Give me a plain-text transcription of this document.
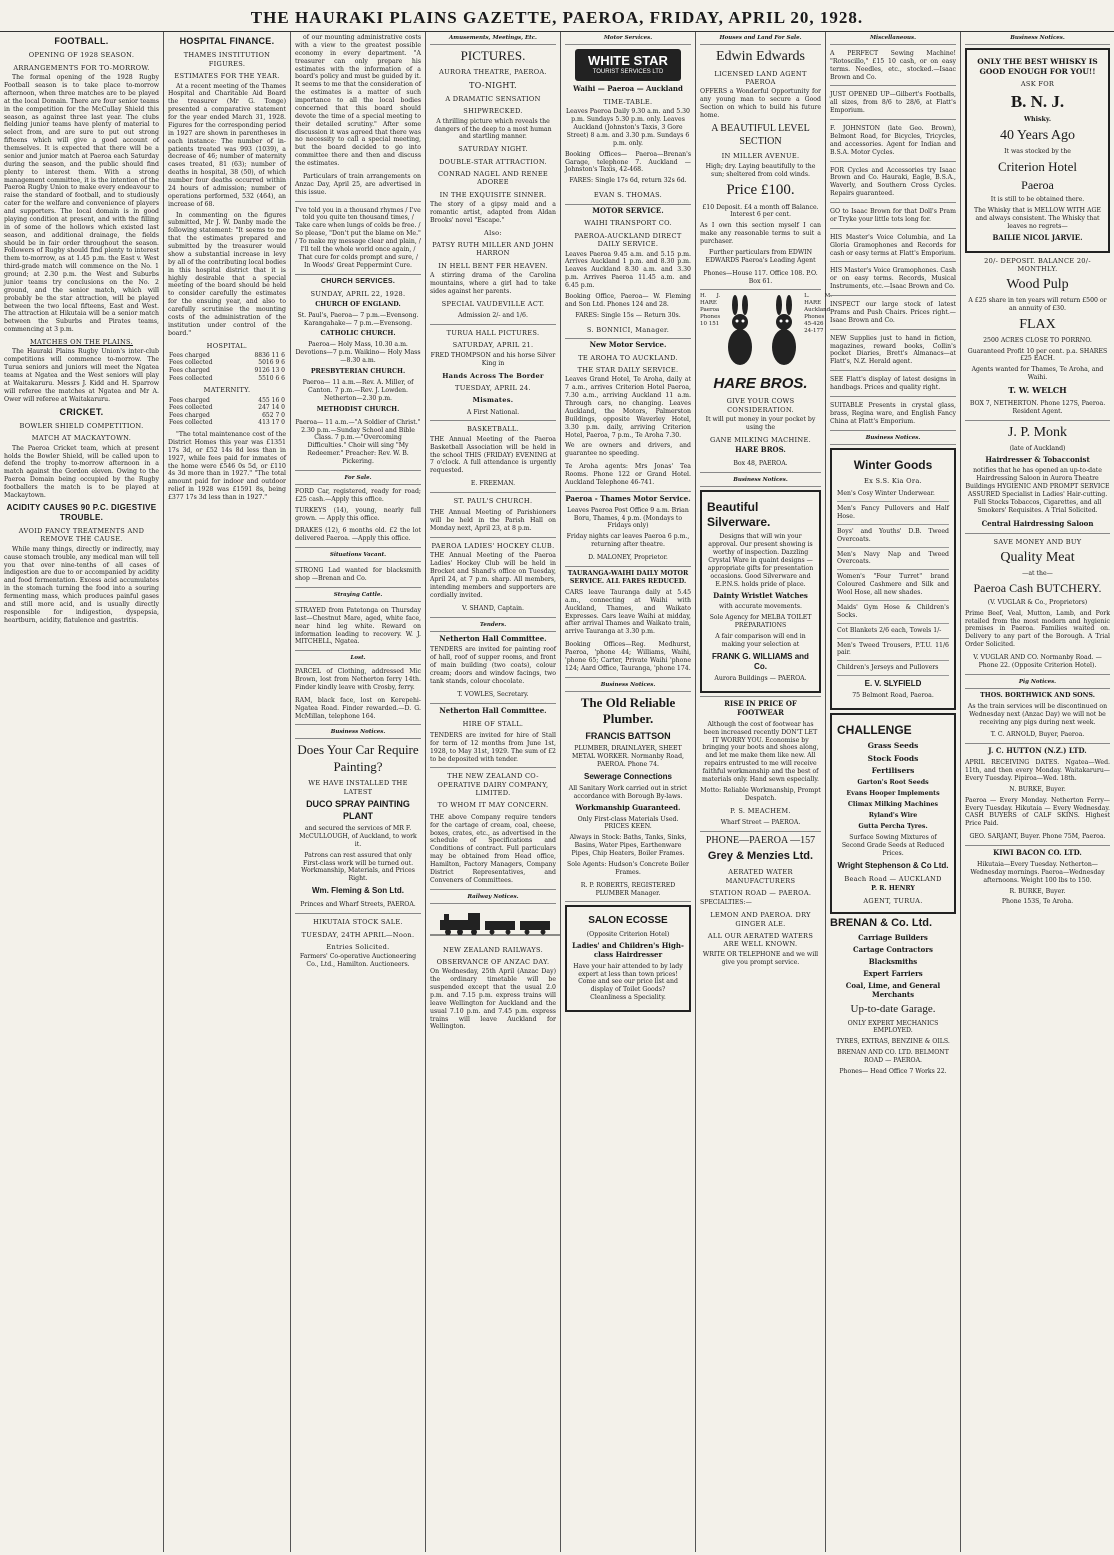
THE HAURAKI PLAINS GAZETTE, PAEROA, FRIDAY, APRIL 20, 1928.
FOOTBALL.
OPENING OF 1928 SEASON.
ARRANGEMENTS FOR TO-MORROW.
The formal opening of the 1928 Rugby Football season is to take place to-morrow afternoon, when three matches are to be played at the local Domain. There are four senior teams in the competition for the McCullay Shield this season, as against three last year. The clubs fielding junior teams have plenty of material to select from, and are sure to put out strong fifteens which will give a good account of themselves. It is expected that there will be a senior and junior match at Paeroa each Saturday during the season, and the public should find plenty to interest them. With a strong management committee, it is the intention of the Paeroa Rugby Union to make every endeavour to raise the standard of football, and to studiously cater for the welfare and convenience of players and supporters. The local domain is in good playing condition at present, and with the filling in of some of the hollows which existed last season, and additional drainage, the fields should be in fair order throughout the season. Followers of Rugby should find plenty to interest them to-morrow, as at 1.45 p.m. the East v. West third-grade match will commence on the No. 1 ground; at 2.30 p.m. the West and Suburbs junior teams try conclusions on the No. 2 ground, and the senior match, which will probably be the star attraction, will be played between the two local fifteens, East and West. The attraction at Hikutaia will be a senior match between the Suburbs and Pirates teams, commencing at 3 p.m.
MATCHES ON THE PLAINS.
The Hauraki Plains Rugby Union's inter-club competitions will commence to-morrow. The Turua seniors and juniors will meet the Ngatea teams at Ngatea and the West seniors will play at Waitakaruru. Messrs J. Kidd and H. Sparrow will referee the matches at Ngatea and Mr A. Ower will referee at Waitakaruru.
CRICKET.
BOWLER SHIELD COMPETITION.
MATCH AT MACKAYTOWN.
The Paeroa Cricket team, which at present holds the Bowler Shield, will be called upon to defend the trophy to-morrow afternoon in a match against the Gordon eleven. Owing to the Paeroa Domain being occupied by the Rugby footballers the match is to be played at Mackaytown.
ACIDITY CAUSES 90 P.C. DIGESTIVE TROUBLE.
AVOID FANCY TREATMENTS AND REMOVE THE CAUSE.
While many things, directly or indirectly, may cause stomach trouble, any medical man will tell you that over nine-tenths of all cases of indigestion are due to or accompanied by acidity and food fermentation. Excess acid accumulates in the stomach turning the food into a souring fermenting mass, which produces painful gases and still more acid, and is usually directly responsible for indigestion, dyspepsia, heartburn, acidity, flatulence and gastritis.
HOSPITAL FINANCE.
THAMES INSTITUTION FIGURES.
ESTIMATES FOR THE YEAR.
At a recent meeting of the Thames Hospital and Charitable Aid Board the treasurer (Mr G. Tonge) presented a comparative statement for the year ended March 31, 1928. Figures for the corresponding period in 1927 are shown in parentheses in each instance: The number of in-patients treated was 993 (1039), a decrease of 46; number of maternity cases treated, 81 (63); number of deaths in hospital, 38 (50), of which number four deaths occurred within 24 hours of admission; number of operations performed, 532 (464), an increase of 68.
In commenting on the figures submitted, Mr J. W. Danby made the following statement: "It seems to me that the estimates prepared and submitted by the treasurer would show a substantial increase in levy by all of the contributing local bodies in this hospital district that it is highly desirable that a special meeting of the board should be held to consider carefully the estimates for the ensuing year, and also to carefully scrutinise the mounting costs of the administration of the institution under control of the board."
HOSPITAL.
Fees charged	8836 11 6
Fees collected	5016 9 6
Fees charged	9126 13 0
Fees collected	5510 6 6
MATERNITY.
Fees charged	455 16 0
Fees collected	247 14 0
Fees charged	652 7 0
Fees collected	413 17 0
"The total maintenance cost of the District Homes this year was £1351 17s 3d, or £52 14s 8d less than in 1927, while fees paid for inmates of the home were £546 0s 5d, or £110 4s 3d more than in 1927." "The total amount paid for indoor and outdoor relief in 1928 was £1591 8s, being £377 17s 3d less than in 1927."
of our mounting administrative costs with a view to the greatest possible economy in every department. "A treasurer can only prepare his estimates with the information of a board's policy and must be guided by it. It seems to me that the consideration of the estimates is a matter of such importance to all the local bodies concerned that this board should devote the time of a special meeting to their detailed scrutiny." After some discussion it was agreed that there was no necessity to call a special meeting, but the board decided to go into committee there and then and discuss the estimates.
Particulars of train arrangements on Anzac Day, April 25, are advertised in this issue.
I've told you in a thousand rhymes / I've told you quite ten thousand times, / Take care when lungs of colds be free. / So please, "Don't put the blame on Me." / To make my message clear and plain, / I'll tell the whole world once again, / That cure for colds prompt and sure, / In Woods' Great Peppermint Cure.
CHURCH SERVICES.
SUNDAY, APRIL 22, 1928.
CHURCH OF ENGLAND.
St. Paul's, Paeroa— 7 p.m.—Evensong. Karangahake— 7 p.m.—Evensong.
CATHOLIC CHURCH.
Paeroa— Holy Mass, 10.30 a.m. Devotions—7 p.m. Waikino— Holy Mass—8.30 a.m.
PRESBYTERIAN CHURCH.
Paeroa— 11 a.m.—Rev. A. Miller, of Canton. 7 p.m.—Rev. J. Lowden. Netherton—2.30 p.m.
METHODIST CHURCH.
Paeroa— 11 a.m.—"A Soldier of Christ." 2.30 p.m.—Sunday School and Bible Class. 7 p.m.—"Overcoming Difficulties." Choir will sing "My Redeemer." Preacher: Rev. W. B. Pickering.
For Sale.
FORD Car, registered, ready for road; £25 cash.—Apply this office.
TURKEYS (14), young, nearly full grown. — Apply this office.
DRAKES (12), 6 months old. £2 the lot delivered Paeroa. —Apply this office.
Situations Vacant.
STRONG Lad wanted for blacksmith shop —Brenan and Co.
Straying Cattle.
STRAYED from Patetonga on Thursday last—Chestnut Mare, aged, white face, near hind leg white. Reward on information leading to recovery. W. J. MITCHELL, Ngatea.
Lost.
PARCEL of Clothing, addressed Mic Brown, lost from Netherton ferry 14th. Finder kindly leave with Crosby, ferry.
RAM, black face, lost on Kerepehi-Ngatea Road. Finder rewarded.—D. G. McMillan, telephone 164.
Business Notices.
Does Your Car Require Painting?
WE HAVE INSTALLED THE LATEST
DUCO SPRAY PAINTING PLANT
and secured the services of MR F. McCULLOUGH, of Auckland, to work it.
Patrons can rest assured that only First-class work will be turned out. Workmanship, Materials, and Prices Right.
Wm. Fleming & Son Ltd.
Princes and Wharf Streets, PAEROA.
HIKUTAIA STOCK SALE.
TUESDAY, 24TH APRIL—Noon.
Entries Solicited.
Farmers' Co-operative Auctioneering Co., Ltd., Hamilton. Auctioneers.
Amusements, Meetings, Etc.
PICTURES.
AURORA THEATRE, PAEROA.
TO-NIGHT.
A DRAMATIC SENSATION
SHIPWRECKED.
A thrilling picture which reveals the dangers of the deep to a most human and startling manner.
SATURDAY NIGHT.
DOUBLE-STAR ATTRACTION.
CONRAD NAGEL AND RENEE ADOREE
IN THE EXQUISITE SINNER.
The story of a gipsy maid and a romantic artist, adapted from Aldan Brooks' novel "Escape."
Also:
PATSY RUTH MILLER AND JOHN HARRON
IN HELL BENT FER HEAVEN.
A stirring drama of the Carolina mountains, where a girl had to take sides against her parents.
SPECIAL VAUDEVILLE ACT.
Admission 2/- and 1/6.
TURUA HALL PICTURES.
SATURDAY, APRIL 21.
FRED THOMPSON and his horse Silver King in
Hands Across The Border
TUESDAY, APRIL 24.
Mismates.
A First National.
BASKETBALL.
THE Annual Meeting of the Paeroa Basketball Association will be held in the school THIS (FRIDAY) EVENING at 7 o'clock. A full attendance is urgently requested.
E. FREEMAN.
ST. PAUL'S CHURCH.
THE Annual Meeting of Parishioners will be held in the Parish Hall on Monday next, April 23, at 8 p.m.
PAEROA LADIES' HOCKEY CLUB.
THE Annual Meeting of the Paeroa Ladies' Hockey Club will be held in Brocket and Shand's office on Tuesday, April 24, at 7 p.m. sharp. All members, intending members and supporters are cordially invited.
V. SHAND, Captain.
Tenders.
Netherton Hall Committee.
TENDERS are invited for painting roof of hall, roof of supper rooms, and front of main building (two coats), colour cream; doors and window facings, two tank stands, colour chocolate.
T. VOWLES, Secretary.
Netherton Hall Committee.
HIRE OF STALL.
TENDERS are invited for hire of Stall for term of 12 months from June 1st, 1928, to May 31st, 1929. The sum of £2 to be deposited with tender.
THE NEW ZEALAND CO-OPERATIVE DAIRY COMPANY, LIMITED.
TO WHOM IT MAY CONCERN.
THE above Company require tenders for the cartage of cream, coal, cheese, boxes, crates, etc., as advertised in the schedule of Specifications and Conditions of contract. Full particulars may be obtained from Head office, Hamilton, Factory Managers, Company District Representatives, and Conveners of Committees.
Railway Notices.
NEW ZEALAND RAILWAYS.
OBSERVANCE OF ANZAC DAY.
On Wednesday, 25th April (Anzac Day) the ordinary timetable will be suspended except that the usual 2.0 p.m. and 7.15 p.m. express trains will leave Wellington for Auckland and the usual 7.10 p.m. and 7.45 p.m. express trains will leave Auckland for Wellington.
Motor Services.
WHITE STAR
TOURIST SERVICES LTD
Waihi — Paeroa — Auckland
TIME-TABLE.
Leaves Paeroa Daily 9.30 a.m. and 5.30 p.m. Sundays 5.30 p.m. only. Leaves Auckland (Johnston's Taxis, 3 Gore Street) 8 a.m. and 3.30 p.m. Sundays 6 p.m. only.
Booking Offices— Paeroa—Brenan's Garage, telephone 7. Auckland — Johnston's Taxis, 42-468.
FARES: Single 17s 6d, return 32s 6d.
EVAN S. THOMAS.
MOTOR SERVICE.
WAIHI TRANSPORT CO.
PAEROA-AUCKLAND DIRECT DAILY SERVICE.
Leaves Paeroa 9.45 a.m. and 5.15 p.m. Arrives Auckland 1 p.m. and 8.30 p.m. Leaves Auckland 8.30 a.m. and 3.30 p.m. Arrives Paeroa 11.45 a.m. and 6.45 p.m.
Booking Office, Paeroa— W. Fleming and Son Ltd. Phones 124 and 28.
FARES: Single 15s — Return 30s.
S. BONNICI, Manager.
New Motor Service.
TE AROHA TO AUCKLAND.
THE STAR DAILY SERVICE.
Leaves Grand Hotel, Te Aroha, daily at 7 a.m., arrives Criterion Hotel Paeroa, 7.30 a.m., arriving Auckland 11 a.m. Through cars, no changing. Leaves Auckland, the Motors, Palmerston Buildings, opposite Waverley Hotel, 3.30 p.m. daily, arriving Criterion Hotel, Paeroa, 7 p.m., Te Aroha 7.30.
We are owners and drivers, and guarantee no speeding.
Te Aroha agents: Mrs Jonas' Tea Rooms. Phone 122 or Grand Hotel. Auckland Telephone 46-741.
Paeroa - Thames Motor Service.
Leaves Paeroa Post Office 9 a.m. Brian Boru, Thames, 4 p.m. (Mondays to Fridays only)
Friday nights car leaves Paeroa 6 p.m., returning after theatre.
D. MALONEY, Proprietor.
TAURANGA-WAIHI DAILY MOTOR SERVICE. ALL FARES REDUCED.
CARS leave Tauranga daily at 5.45 a.m., connecting at Waihi with Auckland, Thames, and Waikato Expresses. Cars leave Waihi at midday, after arrival Thames and Waikato train, arrive Tauranga at 3.30 p.m.
Booking Offices—Reg. Medhurst, Paeroa, 'phone 44; Williams, Waihi, 'phone 65; Carter, Private Waihi 'phone 124; Aard Office, Tauranga, 'phone 174.
Business Notices.
The Old Reliable Plumber.
FRANCIS BATTSON
PLUMBER, DRAINLAYER, SHEET METAL WORKER. Normanby Road, PAEROA. Phone 74.
Sewerage Connections
All Sanitary Work carried out in strict accordance with Borough By-laws.
Workmanship Guaranteed.
Only First-class Materials Used. PRICES KEEN.
Always in Stock: Baths, Tanks, Sinks, Basins, Water Pipes, Earthenware Pipes, Chip Heaters, Boiler Frames.
Sole Agents: Hudson's Concrete Boiler Frames.
R. P. ROBERTS, REGISTERED PLUMBER Manager.
SALON ECOSSE
(Opposite Criterion Hotel)
Ladies' and Children's High-class Hairdresser
Have your hair attended to by lady expert at less than town prices! Come and see our price list and display of Toilet Goods? Cleanliness a Speciality.
Houses and Land For Sale.
Edwin Edwards
LICENSED LAND AGENT PAEROA
OFFERS a Wonderful Opportunity for any young man to secure a Good Section on which to build his future home.
A BEAUTIFUL LEVEL SECTION
IN MILLER AVENUE.
High; dry. Laying beautifully to the sun; sheltered from cold winds.
Price £100.
£10 Deposit. £4 a month off Balance. Interest 6 per cent.
As I own this section myself I can make any reasonable terms to suit a purchaser.
Further particulars from EDWIN EDWARDS Paeroa's Leading Agent
Phones—House 117. Office 108. P.O. Box 61.
H. J. HARE Paeroa Phones 10 151
L. M. HARE Auckland. Phones 45-426 24-177
HARE BROS.
GIVE YOUR COWS CONSIDERATION.
It will put money in your pocket by using the
GANE MILKING MACHINE.
HARE BROS.
Box 48, PAEROA.
Business Notices.
Beautiful Silverware.
Designs that will win your approval. Our present showing is worthy of inspection. Dazzling Crystal Ware in quaint designs — appropriate gifts for presentation occasions. Good Silverware and E.P.N.S. holds pride of place.
Dainty Wristlet Watches
with accurate movements.
Sole Agency for MELBA TOILET PREPARATIONS
A fair comparison will end in making your selection at
FRANK G. WILLIAMS and Co.
Aurora Buildings — PAEROA.
RISE IN PRICE OF FOOTWEAR
Although the cost of footwear has been increased recently DON'T LET IT WORRY YOU. Economise by bringing your boots and shoes along, and let me make them like new. All repairs entrusted to me will receive faithful workmanship and the best of materials only. Hand sewn especially.
Motto: Reliable Workmanship, Prompt Despatch.
P. S. MEACHEM.
Wharf Street — PAEROA.
PHONE—PAEROA —157
Grey & Menzies Ltd.
AERATED WATER MANUFACTURERS
STATION ROAD — PAEROA.
SPECIALTIES:—
LEMON AND PAEROA. DRY GINGER ALE.
ALL OUR AERATED WATERS ARE WELL KNOWN.
WRITE OR TELEPHONE and we will give you prompt service.
Miscellaneous.
A PERFECT Sewing Machine! "Rotoscillo," £15 10 cash, or on easy terms. Needles, etc., stocked.—Isaac Brown and Co.
JUST OPENED UP—Gilbert's Footballs, all sizes, from 8/6 to 28/6, at Flatt's Emporium.
F. JOHNSTON (late Geo. Brown), Belmont Road, for Bicycles, Tricycles, and accessories. Agent for Indian and B.S.A. Motor Cycles.
FOR Cycles and Accessories try Isaac Brown and Co. Hauraki, Eagle, B.S.A., Waverly, and Southern Cross Cycles. Repairs guaranteed.
GO to Isaac Brown for that Doll's Pram or Tryke your little tots long for.
HIS Master's Voice Columbia, and La Gloria Gramophones and Records for cash or easy terms at Flatt's Emporium.
HIS Master's Voice Gramophones. Cash or on easy terms. Records, Musical Instruments, etc.—Isaac Brown and Co.
INSPECT our large stock of latest Prams and Push Chairs. Prices right.—Isaac Brown and Co.
NEW Supplies just to hand in fiction, magazines, reward books, Collin's pocket Diaries, Brett's Almanacs—at Flatt's, N.Z. Herald agent.
SEE Flatt's display of latest designs in handbags. Prices and quality right.
SUITABLE Presents in crystal glass, brass, Regina ware, and English Fancy China at Flatt's Emporium.
Business Notices.
Winter Goods
Ex S.S. Kia Ora.
Men's Cosy Winter Underwear.
Men's Fancy Pullovers and Half Hose.
Boys' and Youths' D.B. Tweed Overcoats.
Men's Navy Nap and Tweed Overcoats.
Women's "Four Turret" brand Coloured Cashmere and Silk and Wool Hose, all new shades.
Maids' Gym Hose & Children's Socks.
Cot Blankets 2/6 each, Towels 1/-
Men's Tweed Trousers, P.T.U. 11/6 pair.
Children's Jerseys and Pullovers
E. V. SLYFIELD
75 Belmont Road, Paeroa.
CHALLENGE
Grass Seeds
Stock Foods
Fertilisers
Garton's Root Seeds
Evans Hooper Implements
Climax Milking Machines
Ryland's Wire
Gutta Percha Tyres.
Surface Sowing Mixtures of Second Grade Seeds at Reduced Prices.
Wright Stephenson & Co Ltd.
Beach Road — AUCKLAND
P. R. HENRY
AGENT, TURUA.
BRENAN & Co. Ltd.
Carriage Builders
Cartage Contractors
Blacksmiths
Expert Farriers
Coal, Lime, and General Merchants
Up-to-date Garage.
ONLY EXPERT MECHANICS EMPLOYED.
TYRES, EXTRAS, BENZINE & OILS.
BRENAN AND CO. LTD. BELMONT ROAD — PAEROA.
Phones— Head Office 7 Works 22.
Business Notices.
ONLY THE BEST WHISKY IS GOOD ENOUGH FOR YOU!!
ASK FOR
B. N. J.
Whisky.
40 Years Ago
It was stocked by the
Criterion Hotel
Paeroa
It is still to be obtained there.
The Whisky that is MELLOW WITH AGE and always consistent. The Whisky that leaves no regrets—
BAILIE NICOL JARVIE.
20/- DEPOSIT. BALANCE 20/- MONTHLY.
Wood Pulp
A £25 share in ten years will return £500 or an annuity of £30.
FLAX
2500 ACRES CLOSE TO PORRNO.
Guaranteed Profit 10 per cent. p.a. SHARES £25 EACH.
Agents wanted for Thames, Te Aroha, and Waihi.
T. W. WELCH
BOX 7, NETHERTON. Phone 127S, Paeroa. Resident Agent.
J. P. Monk
(late of Auckland)
Hairdresser & Tobacconist
notifies that he has opened an up-to-date Hairdressing Saloon in Aurora Theatre Buildings HYGIENIC AND PROMPT SERVICE ASSURED Specialist in Ladies' Hair-cutting. Full Stocks Tobaccos, Cigarettes, and all Smokers' Requisites. A Trial Solicited.
Central Hairdressing Saloon
SAVE MONEY AND BUY
Quality Meat
—at the—
Paeroa Cash BUTCHERY.
(V. VUGLAR & Co., Proprietors)
Prime Beef, Veal, Mutton, Lamb, and Pork retailed from the most modern and hygienic premises in Paeroa. Families waited on. Delivery to any part of the Borough. A Trial Order Solicited.
V. VUGLAR AND CO. Normanby Road. — Phone 22. (Opposite Criterion Hotel).
Pig Notices.
THOS. BORTHWICK AND SONS.
As the train services will be discontinued on Wednesday next (Anzac Day) we will not be receiving any pigs during next week.
T. C. ARNOLD, Buyer, Paeroa.
J. C. HUTTON (N.Z.) LTD.
APRIL RECEIVING DATES. Ngatea—Wed. 11th, and then every Monday. Waitakaruru—Every Tuesday. Pipiroa—Wed. 18th.
N. BURKE, Buyer.
Paeroa — Every Monday. Netherton Ferry—Every Tuesday. Hikutaia — Every Wednesday. CASH BUYERS of CALF SKINS. Highest Price Paid.
GEO. SARJANT, Buyer. Phone 75M, Paeroa.
KIWI BACON CO. LTD.
Hikutaia—Every Tuesday. Netherton—Wednesday mornings. Paeroa—Wednesday afternoons. Weight 100 lbs to 150.
R. BURKE, Buyer.
Phone 153S, Te Aroha.
